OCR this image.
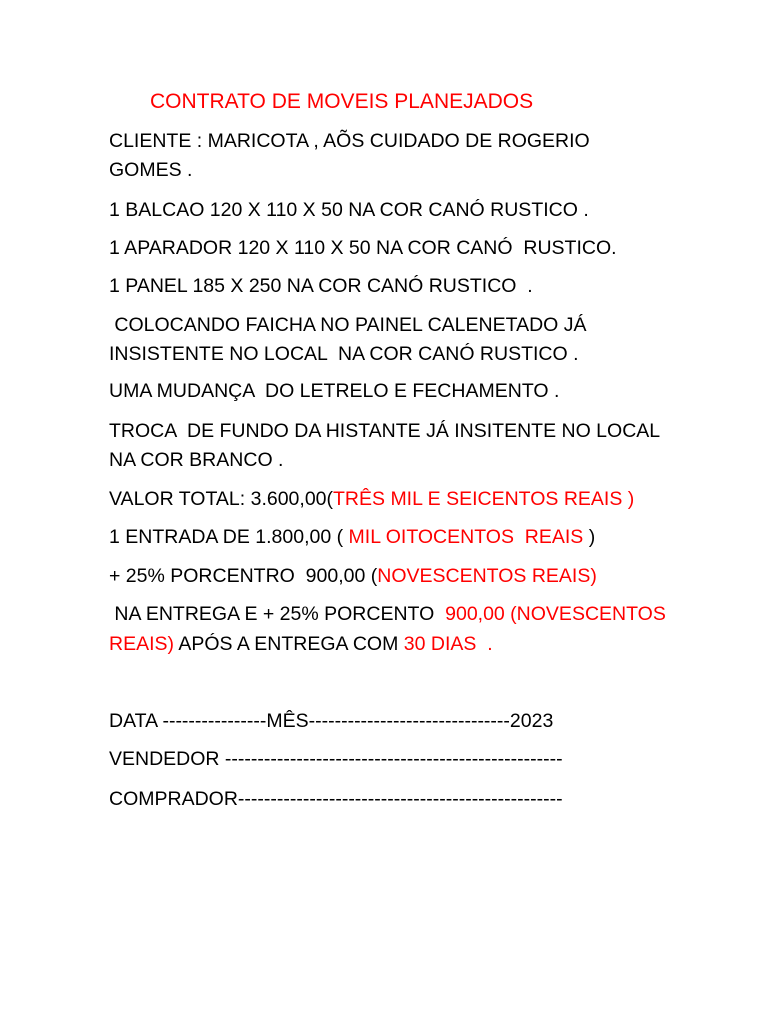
CONTRATO DE MOVEIS PLANEJADOS
CLIENTE : MARICOTA , AÕS CUIDADO DE ROGERIO
GOMES .
1 BALCAO 120 X 110 X 50 NA COR CANÓ RUSTICO .
1 APARADOR 120 X 110 X 50 NA COR CANÓ  RUSTICO.
1 PANEL 185 X 250 NA COR CANÓ RUSTICO  .
COLOCANDO FAICHA NO PAINEL CALENETADO JÁ
INSISTENTE NO LOCAL  NA COR CANÓ RUSTICO .
UMA MUDANÇA  DO LETRELO E FECHAMENTO .
TROCA  DE FUNDO DA HISTANTE JÁ INSITENTE NO LOCAL
NA COR BRANCO .
VALOR TOTAL: 3.600,00(TRÊS MIL E SEICENTOS REAIS )
1 ENTRADA DE 1.800,00 ( MIL OITOCENTOS  REAIS )
+ 25% PORCENTRO  900,00 (NOVESCENTOS REAIS)
NA ENTREGA E + 25% PORCENTO  900,00 (NOVESCENTOS
REAIS) APÓS A ENTREGA COM 30 DIAS  .
DATA ----------------MÊS-------------------------------2023
VENDEDOR ----------------------------------------------------
COMPRADOR--------------------------------------------------
